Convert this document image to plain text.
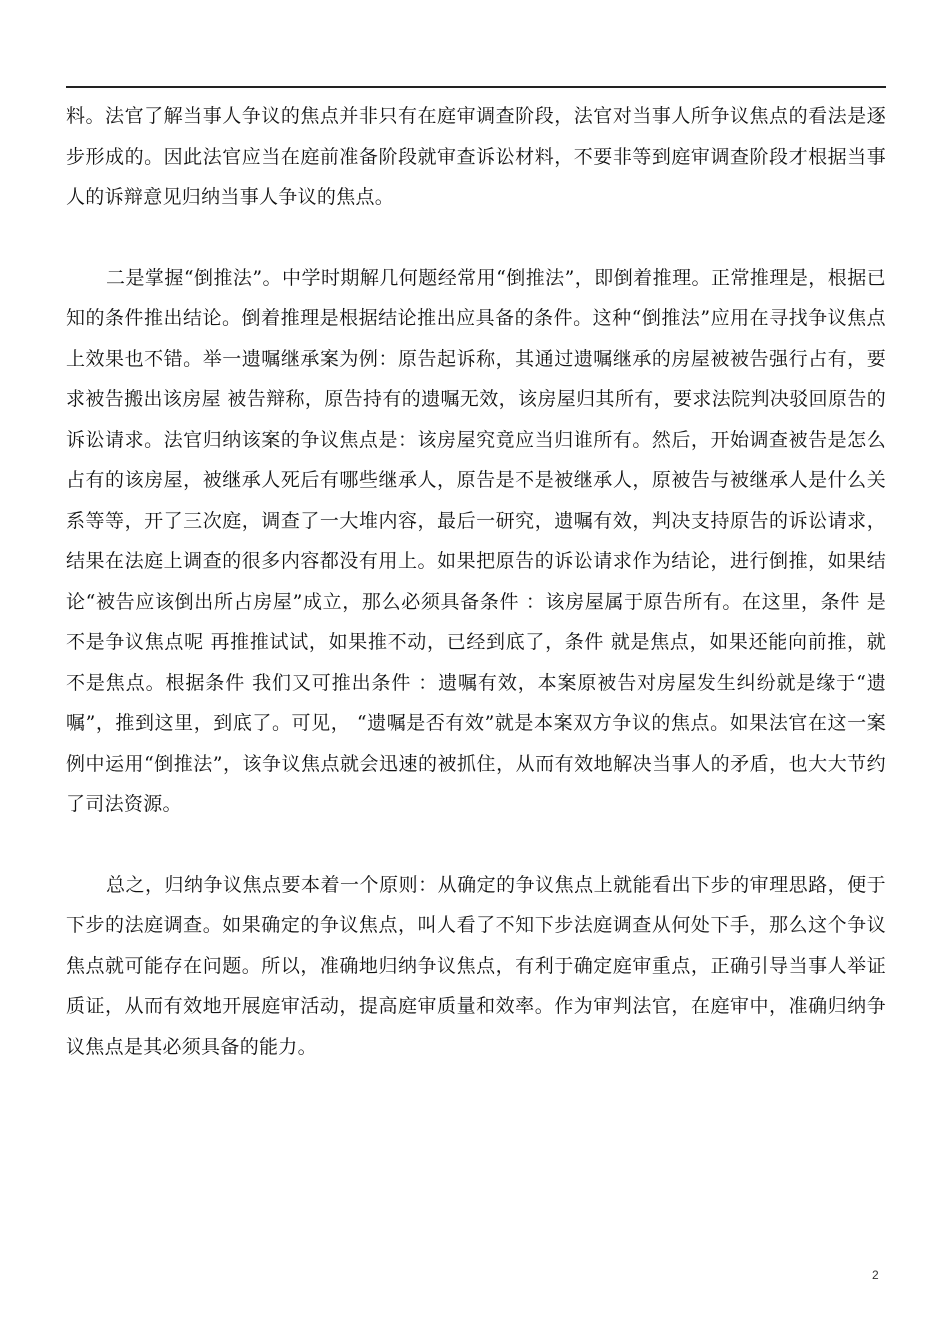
料。法官了解当事人争议的焦点并非只有在庭审调查阶段，法官对当事人所争议焦点的看法是逐步形成的。因此法官应当在庭前准备阶段就审查诉讼材料，不要非等到庭审调查阶段才根据当事人的诉辩意见归纳当事人争议的焦点。

二是掌握“倒推法”。中学时期解几何题经常用“倒推法”，即倒着推理。正常推理是，根据已知的条件推出结论。倒着推理是根据结论推出应具备的条件。这种“倒推法”应用在寻找争议焦点上效果也不错。举一遗嘱继承案为例：原告起诉称，其通过遗嘱继承的房屋被被告强行占有，要求被告搬出该房屋 被告辩称，原告持有的遗嘱无效，该房屋归其所有，要求法院判决驳回原告的诉讼请求。法官归纳该案的争议焦点是：该房屋究竟应当归谁所有。然后，开始调查被告是怎么占有的该房屋，被继承人死后有哪些继承人，原告是不是被继承人，原被告与被继承人是什么关系等等，开了三次庭，调查了一大堆内容，最后一研究，遗嘱有效，判决支持原告的诉讼请求，结果在法庭上调查的很多内容都没有用上。如果把原告的诉讼请求作为结论，进行倒推，如果结论“被告应该倒出所占房屋”成立，那么必须具备条件 ：该房屋属于原告所有。在这里，条件 是不是争议焦点呢 再推推试试，如果推不动，已经到底了，条件 就是焦点，如果还能向前推，就不是焦点。根据条件 我们又可推出条件 ：遗嘱有效，本案原被告对房屋发生纠纷就是缘于“遗嘱”，推到这里，到底了。可见， “遗嘱是否有效”就是本案双方争议的焦点。如果法官在这一案例中运用“倒推法”，该争议焦点就会迅速的被抓住，从而有效地解决当事人的矛盾，也大大节约了司法资源。

总之，归纳争议焦点要本着一个原则：从确定的争议焦点上就能看出下步的审理思路，便于下步的法庭调查。如果确定的争议焦点，叫人看了不知下步法庭调查从何处下手，那么这个争议焦点就可能存在问题。所以，准确地归纳争议焦点，有利于确定庭审重点，正确引导当事人举证质证，从而有效地开展庭审活动，提高庭审质量和效率。作为审判法官，在庭审中，准确归纳争议焦点是其必须具备的能力。

2
